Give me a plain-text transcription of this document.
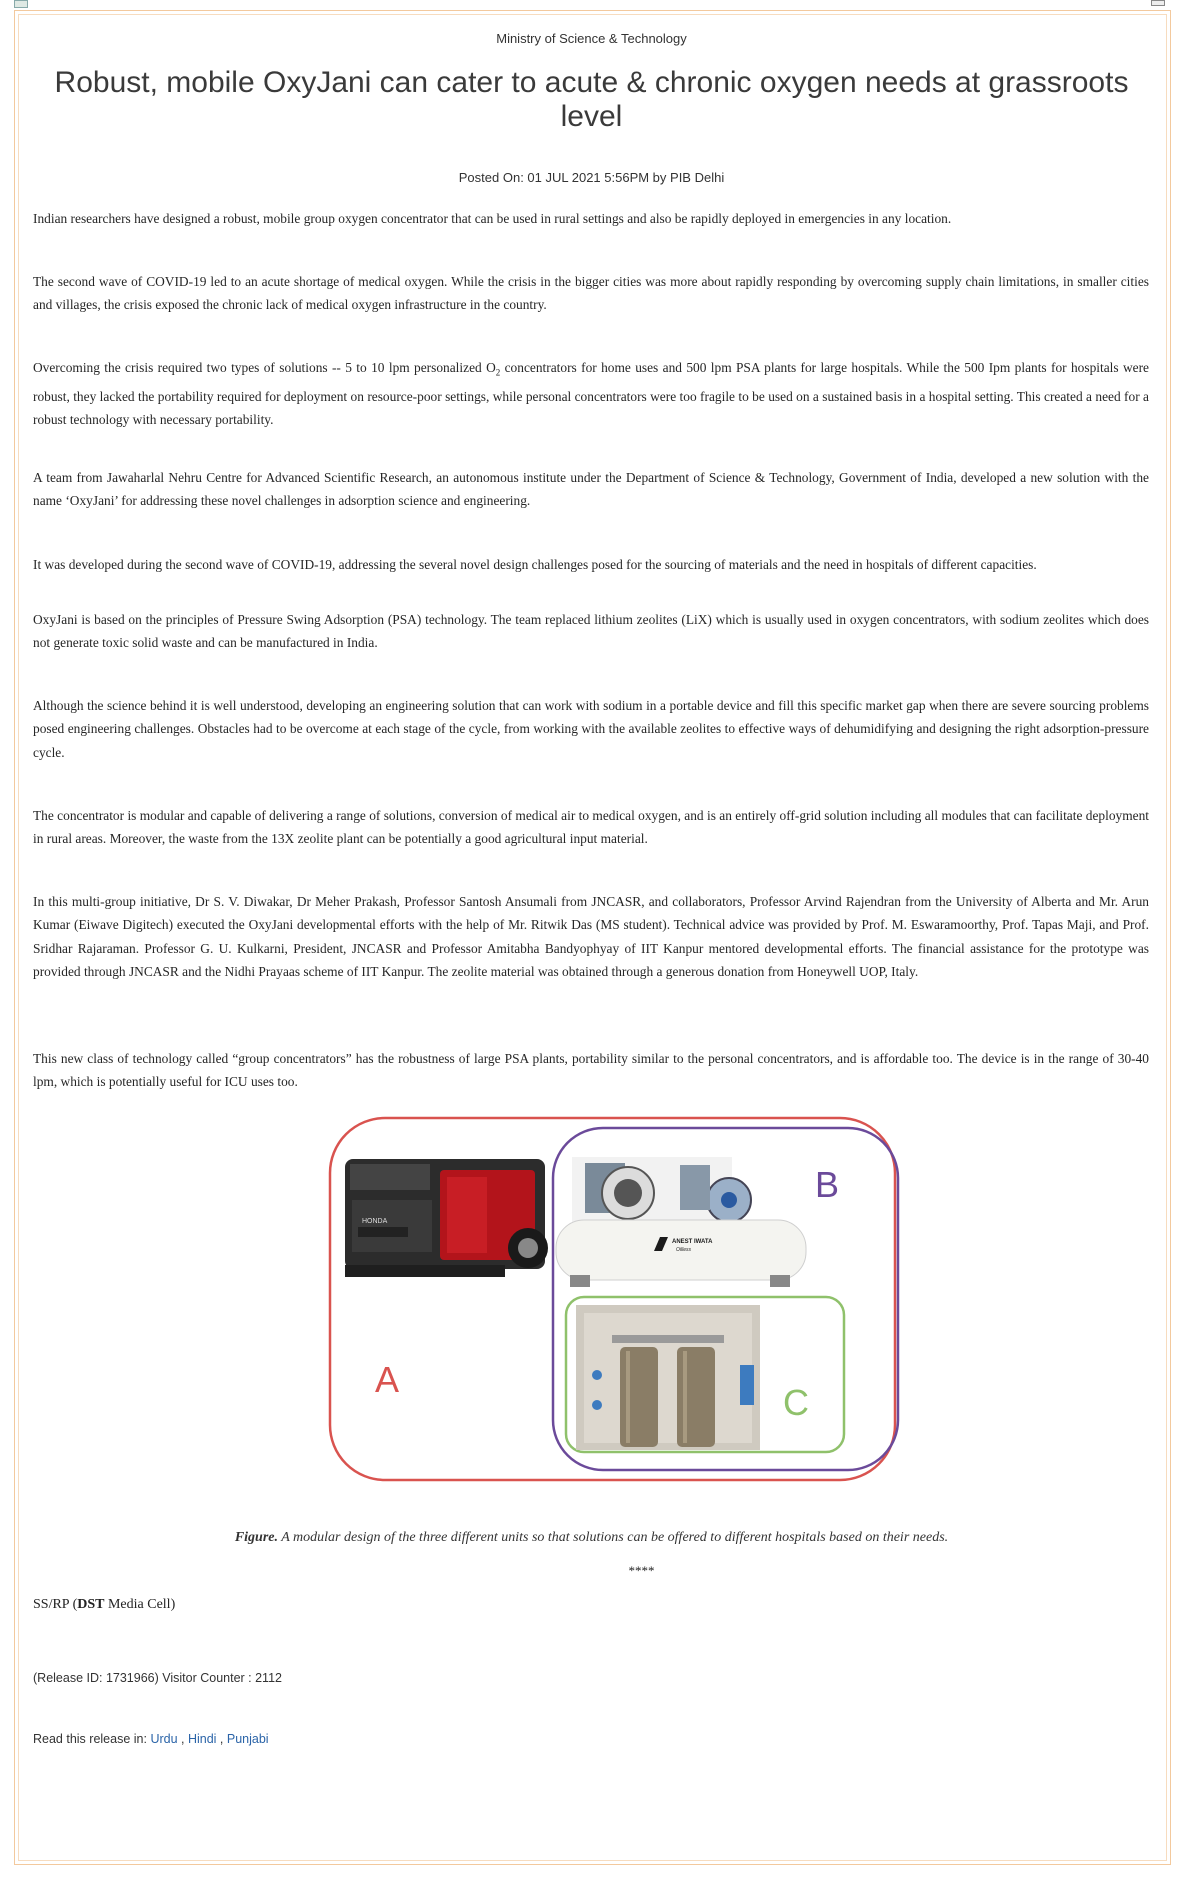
Ministry of Science & Technology
Robust, mobile OxyJani can cater to acute & chronic oxygen needs at grassroots level
Posted On: 01 JUL 2021 5:56PM by PIB Delhi

Indian researchers have designed a robust, mobile group oxygen concentrator that can be used in rural settings and also be rapidly deployed in emergencies in any location.

The second wave of COVID-19 led to an acute shortage of medical oxygen. While the crisis in the bigger cities was more about rapidly responding by overcoming supply chain limitations, in smaller cities and villages, the crisis exposed the chronic lack of medical oxygen infrastructure in the country.

Overcoming the crisis required two types of solutions -- 5 to 10 lpm personalized $O_2$ concentrators for home uses and 500 lpm PSA plants for large hospitals. While the 500 Ipm plants for hospitals were robust, they lacked the portability required for deployment on resource-poor settings, while personal concentrators were too fragile to be used on a sustained basis in a hospital setting. This created a need for a robust technology with necessary portability.

A team from Jawaharlal Nehru Centre for Advanced Scientific Research, an autonomous institute under the Department of Science & Technology, Government of India, developed a new solution with the name ‘OxyJani’ for addressing these novel challenges in adsorption science and engineering.

It was developed during the second wave of COVID-19, addressing the several novel design challenges posed for the sourcing of materials and the need in hospitals of different capacities.

OxyJani is based on the principles of Pressure Swing Adsorption (PSA) technology. The team replaced lithium zeolites (LiX) which is usually used in oxygen concentrators, with sodium zeolites which does not generate toxic solid waste and can be manufactured in India.

Although the science behind it is well understood, developing an engineering solution that can work with sodium in a portable device and fill this specific market gap when there are severe sourcing problems posed engineering challenges. Obstacles had to be overcome at each stage of the cycle, from working with the available zeolites to effective ways of dehumidifying and designing the right adsorption-pressure cycle.

The concentrator is modular and capable of delivering a range of solutions, conversion of medical air to medical oxygen, and is an entirely off-grid solution including all modules that can facilitate deployment in rural areas. Moreover, the waste from the 13X zeolite plant can be potentially a good agricultural input material.

In this multi-group initiative, Dr S. V. Diwakar, Dr Meher Prakash, Professor Santosh Ansumali from JNCASR, and collaborators, Professor Arvind Rajendran from the University of Alberta and Mr. Arun Kumar (Eiwave Digitech) executed the OxyJani developmental efforts with the help of Mr. Ritwik Das (MS student). Technical advice was provided by Prof. M. Eswaramoorthy, Prof. Tapas Maji, and Prof. Sridhar Rajaraman. Professor G. U. Kulkarni, President, JNCASR and Professor Amitabha Bandyophyay of IIT Kanpur mentored developmental efforts. The financial assistance for the prototype was provided through JNCASR and the Nidhi Prayaas scheme of IIT Kanpur. The zeolite material was obtained through a generous donation from Honeywell UOP, Italy.

This new class of technology called “group concentrators” has the robustness of large PSA plants, portability similar to the personal concentrators, and is affordable too. The device is in the range of 30-40 lpm, which is potentially useful for ICU uses too.

HONDA
ANEST IWATA
Oilless
A
B
C
Figure. A modular design of the three different units so that solutions can be offered to different hospitals based on their needs.
****
SS/RP (DST Media Cell)
(Release ID: 1731966) Visitor Counter : 2112
Read this release in: Urdu , Hindi , Punjabi
